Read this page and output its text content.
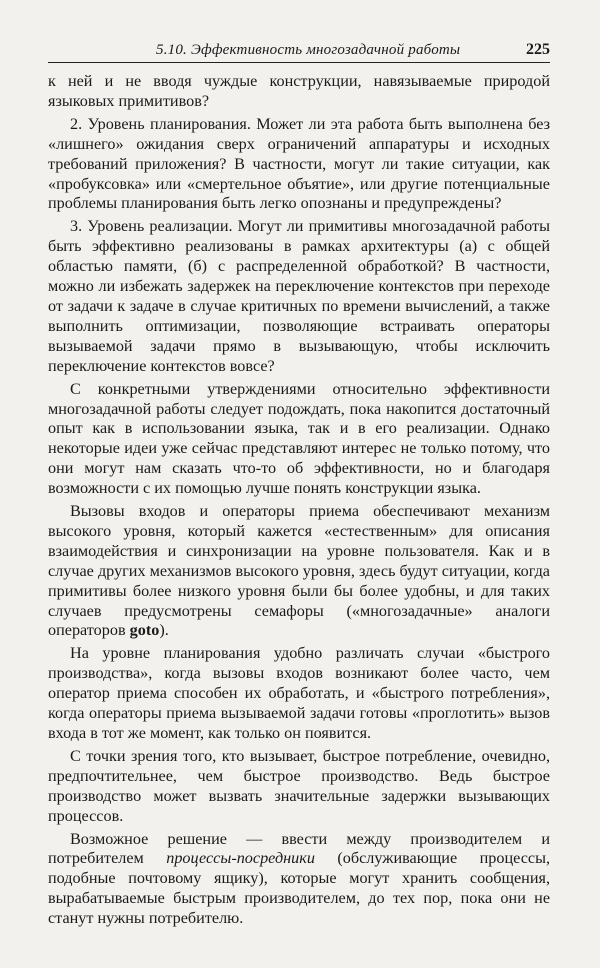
5.10. Эффективность многозадачной работы	225

к ней и не вводя чуждые конструкции, навязываемые природой языковых примитивов?

2. Уровень планирования. Может ли эта работа быть выполнена без «лишнего» ожидания сверх ограничений аппаратуры и исходных требований приложения? В частности, могут ли такие ситуации, как «пробуксовка» или «смертельное объятие», или другие потенциальные проблемы планирования быть легко опознаны и предупреждены?

3. Уровень реализации. Могут ли примитивы многозадачной работы быть эффективно реализованы в рамках архитектуры (а) с общей областью памяти, (б) с распределенной обработкой? В частности, можно ли избежать задержек на переключение контекстов при переходе от задачи к задаче в случае критичных по времени вычислений, а также выполнить оптимизации, позволяющие встраивать операторы вызываемой задачи прямо в вызывающую, чтобы исключить переключение контекстов вовсе?

С конкретными утверждениями относительно эффективности многозадачной работы следует подождать, пока накопится достаточный опыт как в использовании языка, так и в его реализации. Однако некоторые идеи уже сейчас представляют интерес не только потому, что они могут нам сказать что-то об эффективности, но и благодаря возможности с их помощью лучше понять конструкции языка.

Вызовы входов и операторы приема обеспечивают механизм высокого уровня, который кажется «естественным» для описания взаимодействия и синхронизации на уровне пользователя. Как и в случае других механизмов высокого уровня, здесь будут ситуации, когда примитивы более низкого уровня были бы более удобны, и для таких случаев предусмотрены семафоры («многозадачные» аналоги операторов goto).

На уровне планирования удобно различать случаи «быстрого производства», когда вызовы входов возникают более часто, чем оператор приема способен их обработать, и «быстрого потребления», когда операторы приема вызываемой задачи готовы «проглотить» вызов входа в тот же момент, как только он появится.

С точки зрения того, кто вызывает, быстрое потребление, очевидно, предпочтительнее, чем быстрое производство. Ведь быстрое производство может вызвать значительные задержки вызывающих процессов.

Возможное решение — ввести между производителем и потребителем процессы-посредники (обслуживающие процессы, подобные почтовому ящику), которые могут хранить сообщения, вырабатываемые быстрым производителем, до тех пор, пока они не станут нужны потребителю.
